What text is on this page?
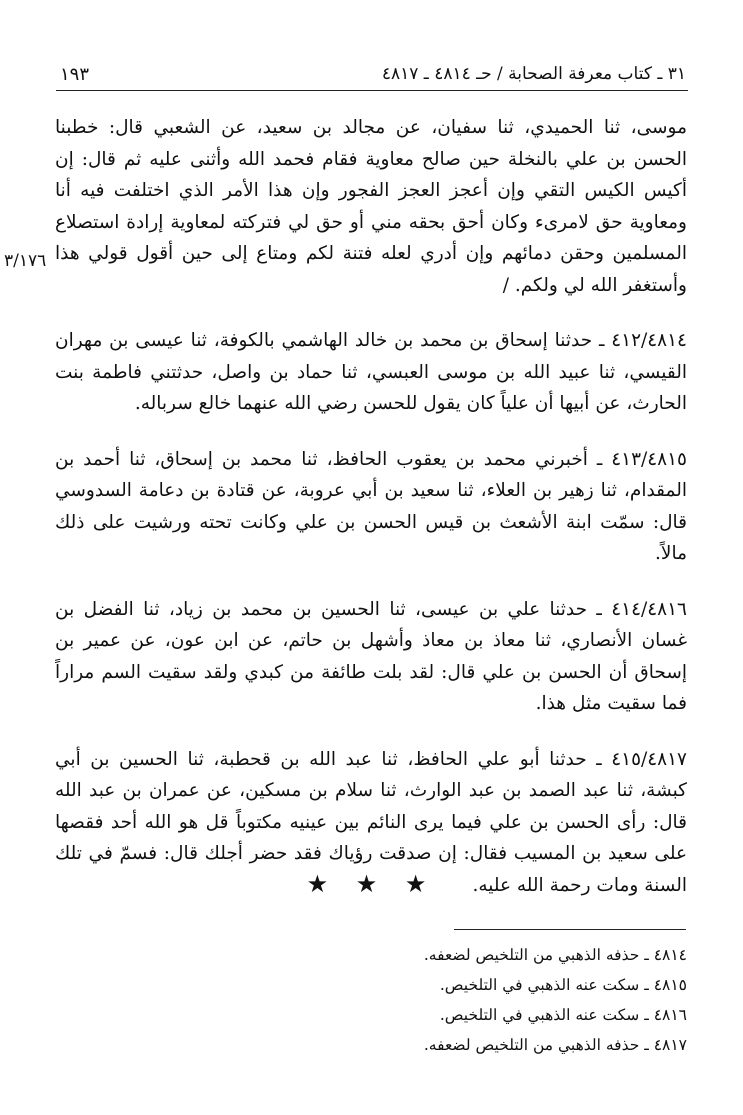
١٩٣	٣١ ـ كتاب معرفة الصحابة / حـ ٤٨١٤ ـ ٤٨١٧
٣/١٧٦

موسى، ثنا الحميدي، ثنا سفيان، عن مجالد بن سعيد، عن الشعبي قال: خطبنا الحسن بن علي بالنخلة حين صالح معاوية فقام فحمد الله وأثنى عليه ثم قال: إن أكيس الكيس التقي وإن أعجز العجز الفجور وإن هذا الأمر الذي اختلفت فيه أنا ومعاوية حق لامرىء وكان أحق بحقه مني أو حق لي فتركته لمعاوية إرادة استصلاع المسلمين وحقن دمائهم وإن أدري لعله فتنة لكم ومتاع إلى حين أقول قولي هذا وأستغفر الله لي ولكم. /

٤١٢/٤٨١٤ ـ حدثنا إسحاق بن محمد بن خالد الهاشمي بالكوفة، ثنا عيسى بن مهران القيسي، ثنا عبيد الله بن موسى العبسي، ثنا حماد بن واصل، حدثتني فاطمة بنت الحارث، عن أبيها أن علياً كان يقول للحسن رضي الله عنهما خالع سرباله.

٤١٣/٤٨١٥ ـ أخبرني محمد بن يعقوب الحافظ، ثنا محمد بن إسحاق، ثنا أحمد بن المقدام، ثنا زهير بن العلاء، ثنا سعيد بن أبي عروبة، عن قتادة بن دعامة السدوسي قال: سمّت ابنة الأشعث بن قيس الحسن بن علي وكانت تحته ورشيت على ذلك مالاً.

٤١٤/٤٨١٦ ـ حدثنا علي بن عيسى، ثنا الحسين بن محمد بن زياد، ثنا الفضل بن غسان الأنصاري، ثنا معاذ بن معاذ وأشهل بن حاتم، عن ابن عون، عن عمير بن إسحاق أن الحسن بن علي قال: لقد بلت طائفة من كبدي ولقد سقيت السم مراراً فما سقيت مثل هذا.

٤١٥/٤٨١٧ ـ حدثنا أبو علي الحافظ، ثنا عبد الله بن قحطبة، ثنا الحسين بن أبي كبشة، ثنا عبد الصمد بن عبد الوارث، ثنا سلام بن مسكين، عن عمران بن عبد الله قال: رأى الحسن بن علي فيما يرى النائم بين عينيه مكتوباً قل هو الله أحد فقصها على سعيد بن المسيب فقال: إن صدقت رؤياك فقد حضر أجلك قال: فسمّ في تلك السنة ومات رحمة الله عليه.

★ ★ ★
٤٨١٤ ـ حذفه الذهبي من التلخيص لضعفه.
٤٨١٥ ـ سكت عنه الذهبي في التلخيص.
٤٨١٦ ـ سكت عنه الذهبي في التلخيص.
٤٨١٧ ـ حذفه الذهبي من التلخيص لضعفه.
